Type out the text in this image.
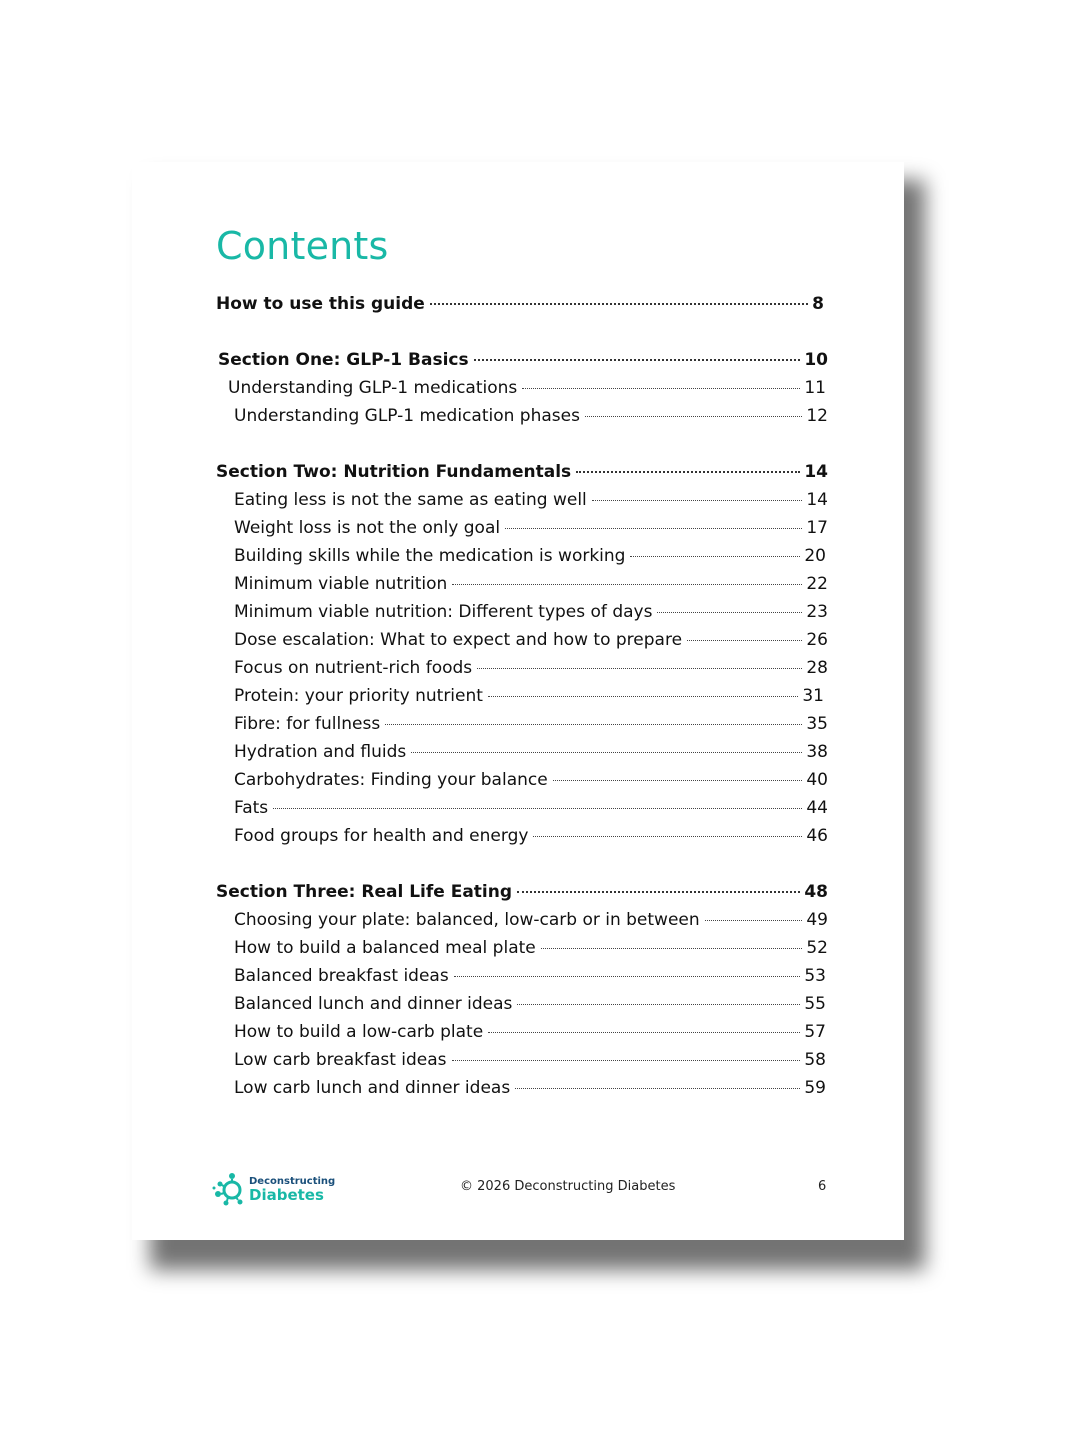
Contents
How to use this guide	8
Section One: GLP-1 Basics	10
Understanding GLP-1 medications	11
Understanding GLP-1 medication phases	12
Section Two: Nutrition Fundamentals	14
Eating less is not the same as eating well	14
Weight loss is not the only goal	17
Building skills while the medication is working	20
Minimum viable nutrition	22
Minimum viable nutrition: Different types of days	23
Dose escalation: What to expect and how to prepare	26
Focus on nutrient-rich foods	28
Protein: your priority nutrient	31
Fibre: for fullness	35
Hydration and fluids	38
Carbohydrates: Finding your balance	40
Fats	44
Food groups for health and energy	46
Section Three: Real Life Eating	48
Choosing your plate: balanced, low-carb or in between	49
How to build a balanced meal plate	52
Balanced breakfast ideas	53
Balanced lunch and dinner ideas	55
How to build a low-carb plate	57
Low carb breakfast ideas	58
Low carb lunch and dinner ideas	59
Deconstructing
Diabetes	© 2026 Deconstructing Diabetes	6
